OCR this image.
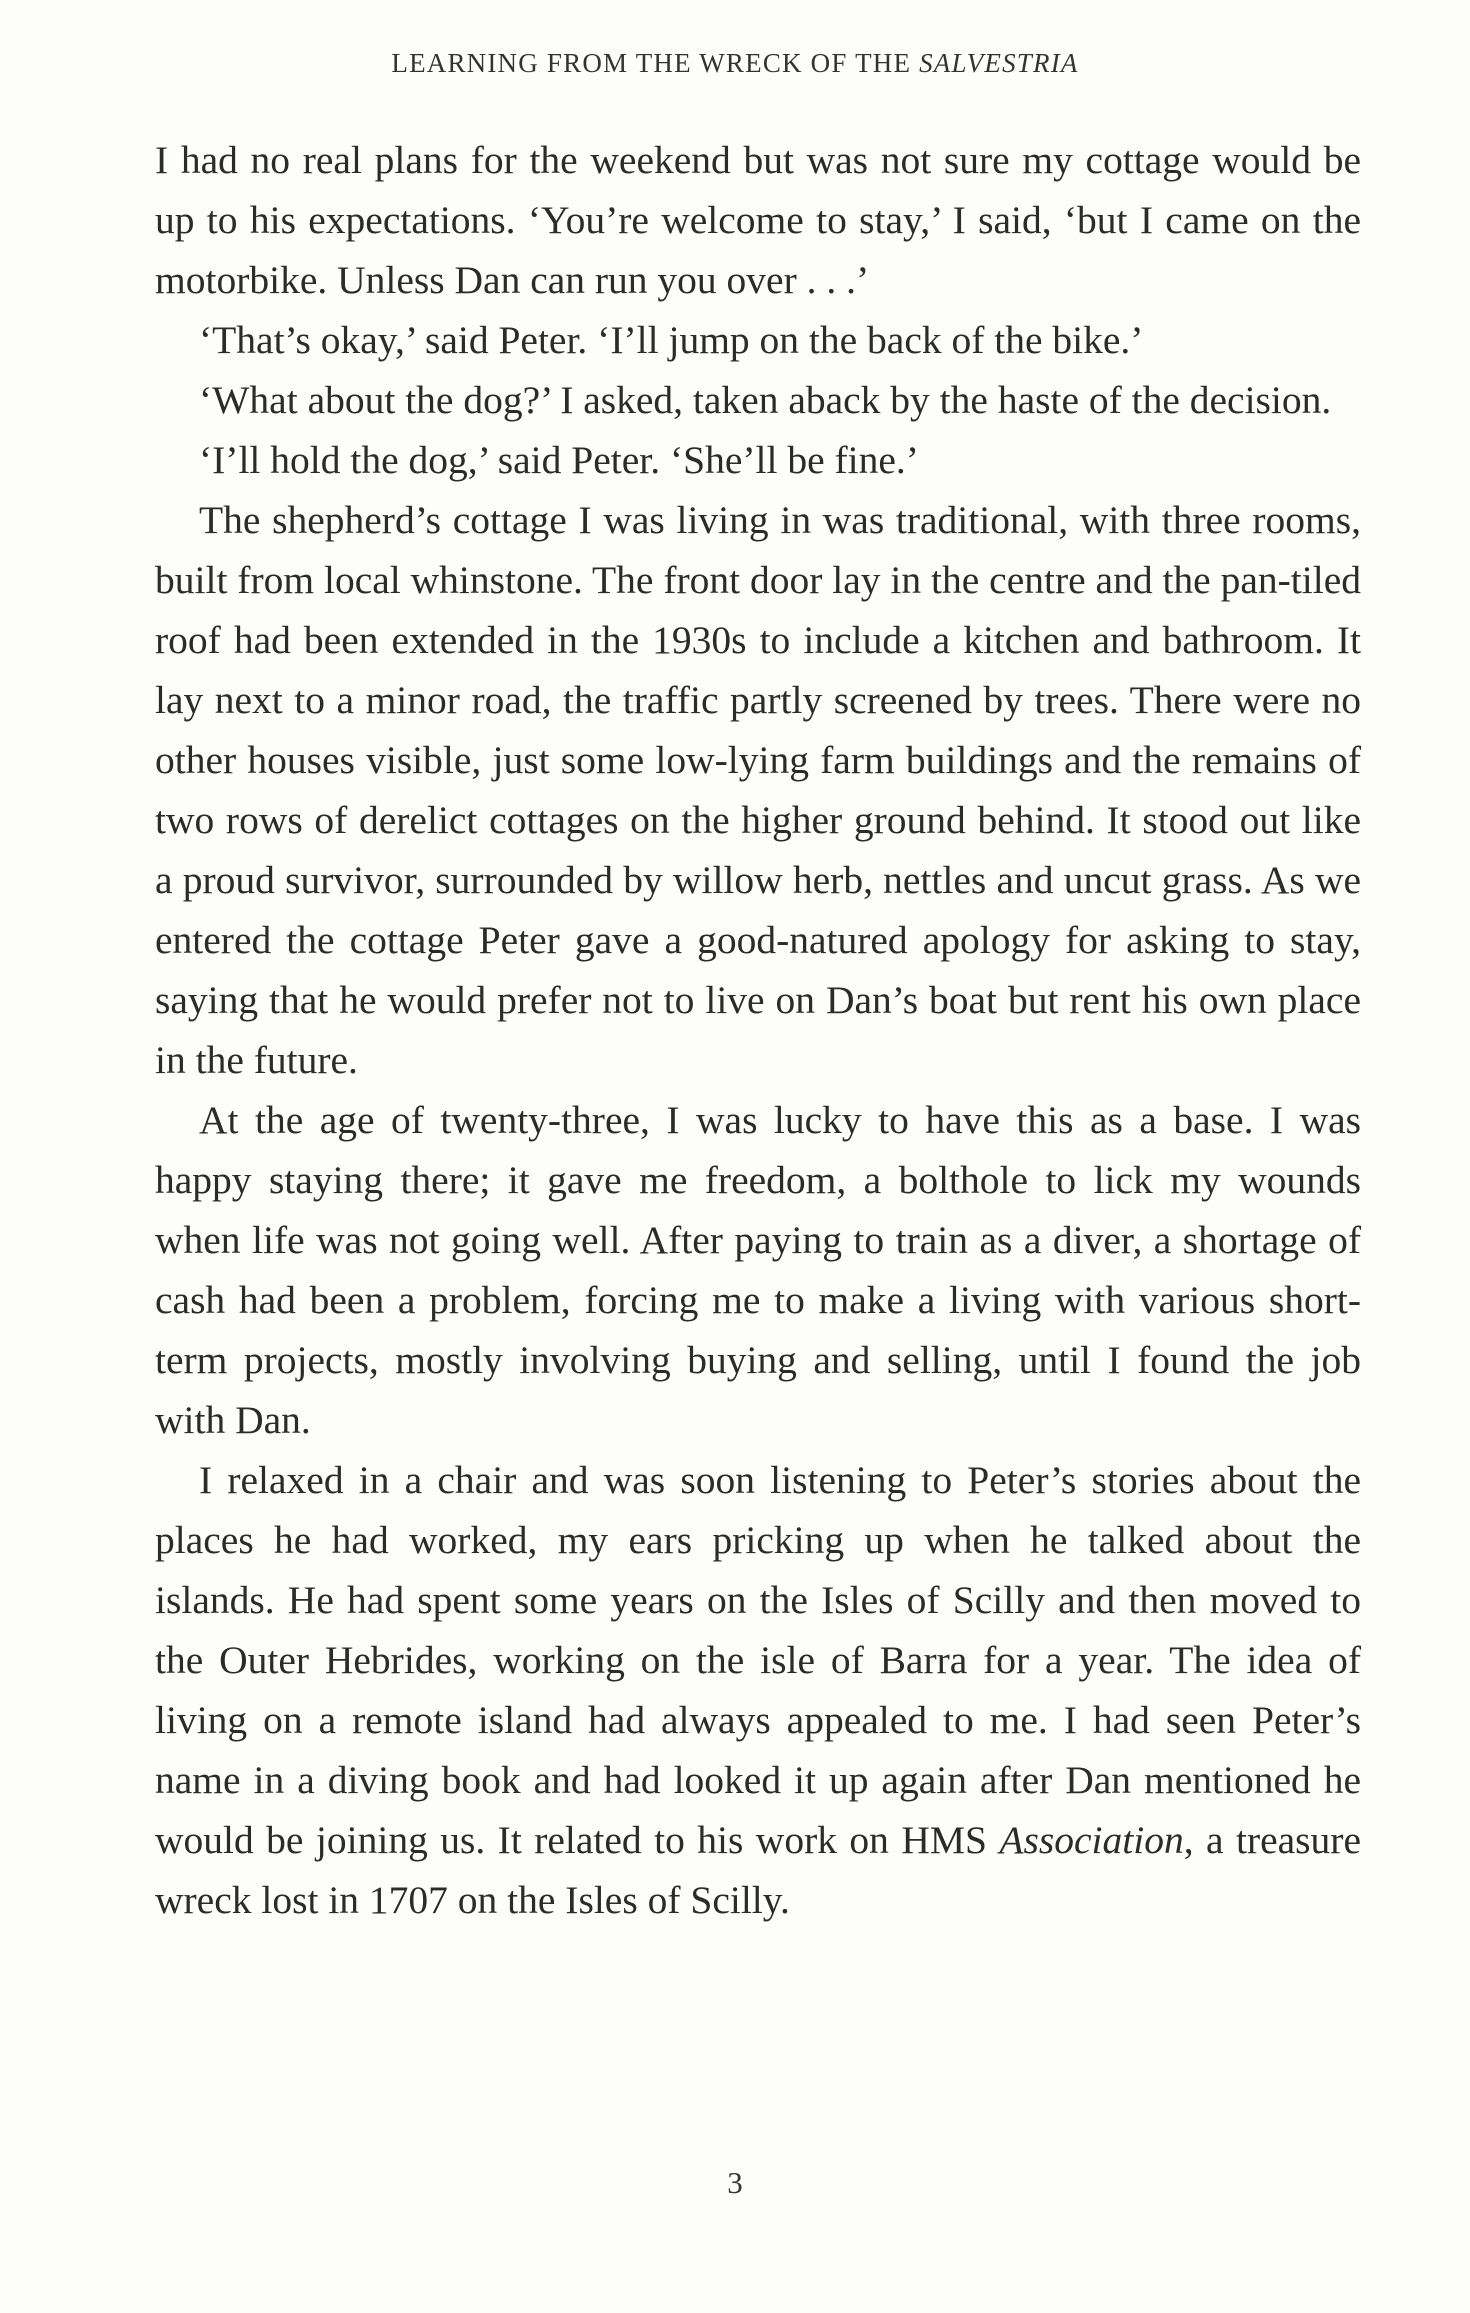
LEARNING FROM THE WRECK OF THE SALVESTRIA

I had no real plans for the weekend but was not sure my cottage would be up to his expectations. ‘You’re welcome to stay,’ I said, ‘but I came on the motorbike. Unless Dan can run you over . . .’

‘That’s okay,’ said Peter. ‘I’ll jump on the back of the bike.’

‘What about the dog?’ I asked, taken aback by the haste of the decision.

‘I’ll hold the dog,’ said Peter. ‘She’ll be fine.’

The shepherd’s cottage I was living in was traditional, with three rooms, built from local whinstone. The front door lay in the centre and the pan-tiled roof had been extended in the 1930s to include a kitchen and bathroom. It lay next to a minor road, the traffic partly screened by trees. There were no other houses visible, just some low-lying farm buildings and the remains of two rows of derelict cottages on the higher ground behind. It stood out like a proud survivor, surrounded by willow herb, nettles and uncut grass. As we entered the cottage Peter gave a good-natured apology for asking to stay, saying that he would prefer not to live on Dan’s boat but rent his own place in the future.

At the age of twenty-three, I was lucky to have this as a base. I was happy staying there; it gave me freedom, a bolthole to lick my wounds when life was not going well. After paying to train as a diver, a shortage of cash had been a problem, forcing me to make a living with various short-term projects, mostly involving buying and selling, until I found the job with Dan.

I relaxed in a chair and was soon listening to Peter’s stories about the places he had worked, my ears pricking up when he talked about the islands. He had spent some years on the Isles of Scilly and then moved to the Outer Hebrides, working on the isle of Barra for a year. The idea of living on a remote island had always appealed to me. I had seen Peter’s name in a diving book and had looked it up again after Dan mentioned he would be joining us. It related to his work on HMS Association, a treasure wreck lost in 1707 on the Isles of Scilly.

3
